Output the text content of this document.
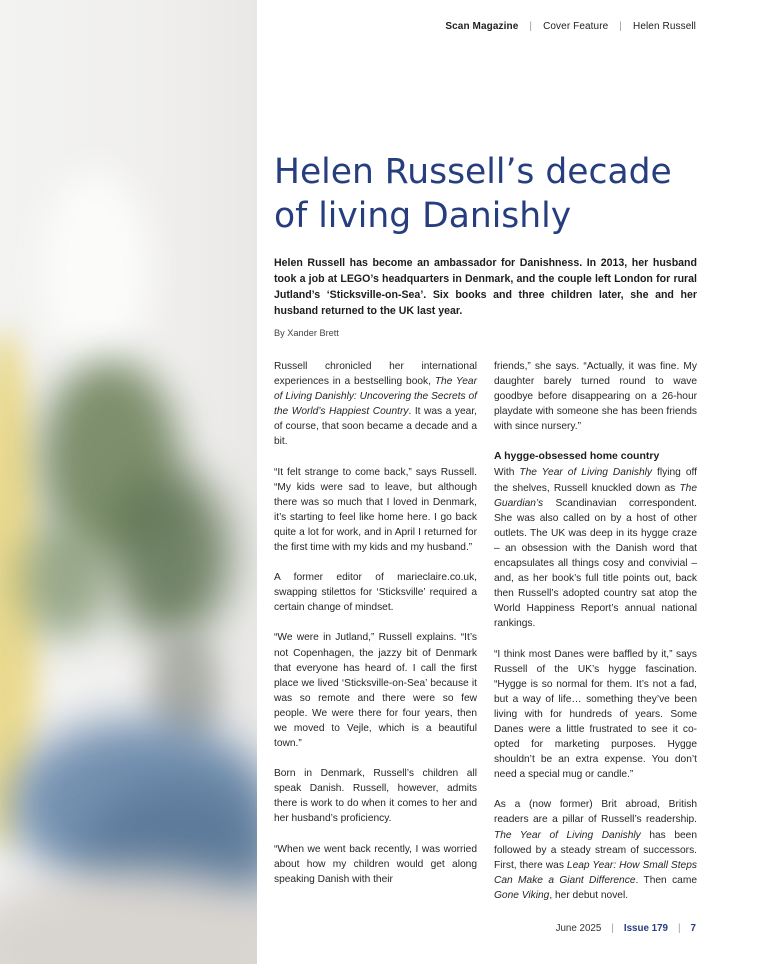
Scan Magazine | Cover Feature | Helen Russell
Helen Russell’s decade of living Danishly

Helen Russell has become an ambassador for Danishness. In 2013, her husband took a job at LEGO’s headquarters in Denmark, and the couple left London for rural Jutland’s ‘Sticksville-on-Sea’. Six books and three children later, she and her husband returned to the UK last year.

By Xander Brett

Russell chronicled her international experiences in a bestselling book, The Year of Living Danishly: Uncovering the Secrets of the World’s Happiest Country. It was a year, of course, that soon became a decade and a bit.

“It felt strange to come back,” says Russell. “My kids were sad to leave, but although there was so much that I loved in Denmark, it’s starting to feel like home here. I go back quite a lot for work, and in April I returned for the first time with my kids and my husband.”

A former editor of marieclaire.co.uk, swapping stilettos for ‘Sticksville’ required a certain change of mindset.

“We were in Jutland,” Russell explains. “It’s not Copenhagen, the jazzy bit of Denmark that everyone has heard of. I call the first place we lived ‘Sticksville-on-Sea’ because it was so remote and there were so few people. We were there for four years, then we moved to Vejle, which is a beautiful town.”

Born in Denmark, Russell’s children all speak Danish. Russell, however, admits there is work to do when it comes to her and her husband’s proficiency.

“When we went back recently, I was worried about how my children would get along speaking Danish with their

friends,” she says. “Actually, it was fine. My daughter barely turned round to wave goodbye before disappearing on a 26-hour playdate with someone she has been friends with since nursery.”

A hygge-obsessed home country

With The Year of Living Danishly flying off the shelves, Russell knuckled down as The Guardian’s Scandinavian correspondent. She was also called on by a host of other outlets. The UK was deep in its hygge craze – an obsession with the Danish word that encapsulates all things cosy and convivial – and, as her book’s full title points out, back then Russell’s adopted country sat atop the World Happiness Report’s annual national rankings.

“I think most Danes were baffled by it,” says Russell of the UK’s hygge fascination. “Hygge is so normal for them. It’s not a fad, but a way of life… something they’ve been living with for hundreds of years. Some Danes were a little frustrated to see it co-opted for marketing purposes. Hygge shouldn’t be an extra expense. You don’t need a special mug or candle.”

As a (now former) Brit abroad, British readers are a pillar of Russell’s readership. The Year of Living Danishly has been followed by a steady stream of successors. First, there was Leap Year: How Small Steps Can Make a Giant Difference. Then came Gone Viking, her debut novel.

June 2025 | Issue 179 | 7
